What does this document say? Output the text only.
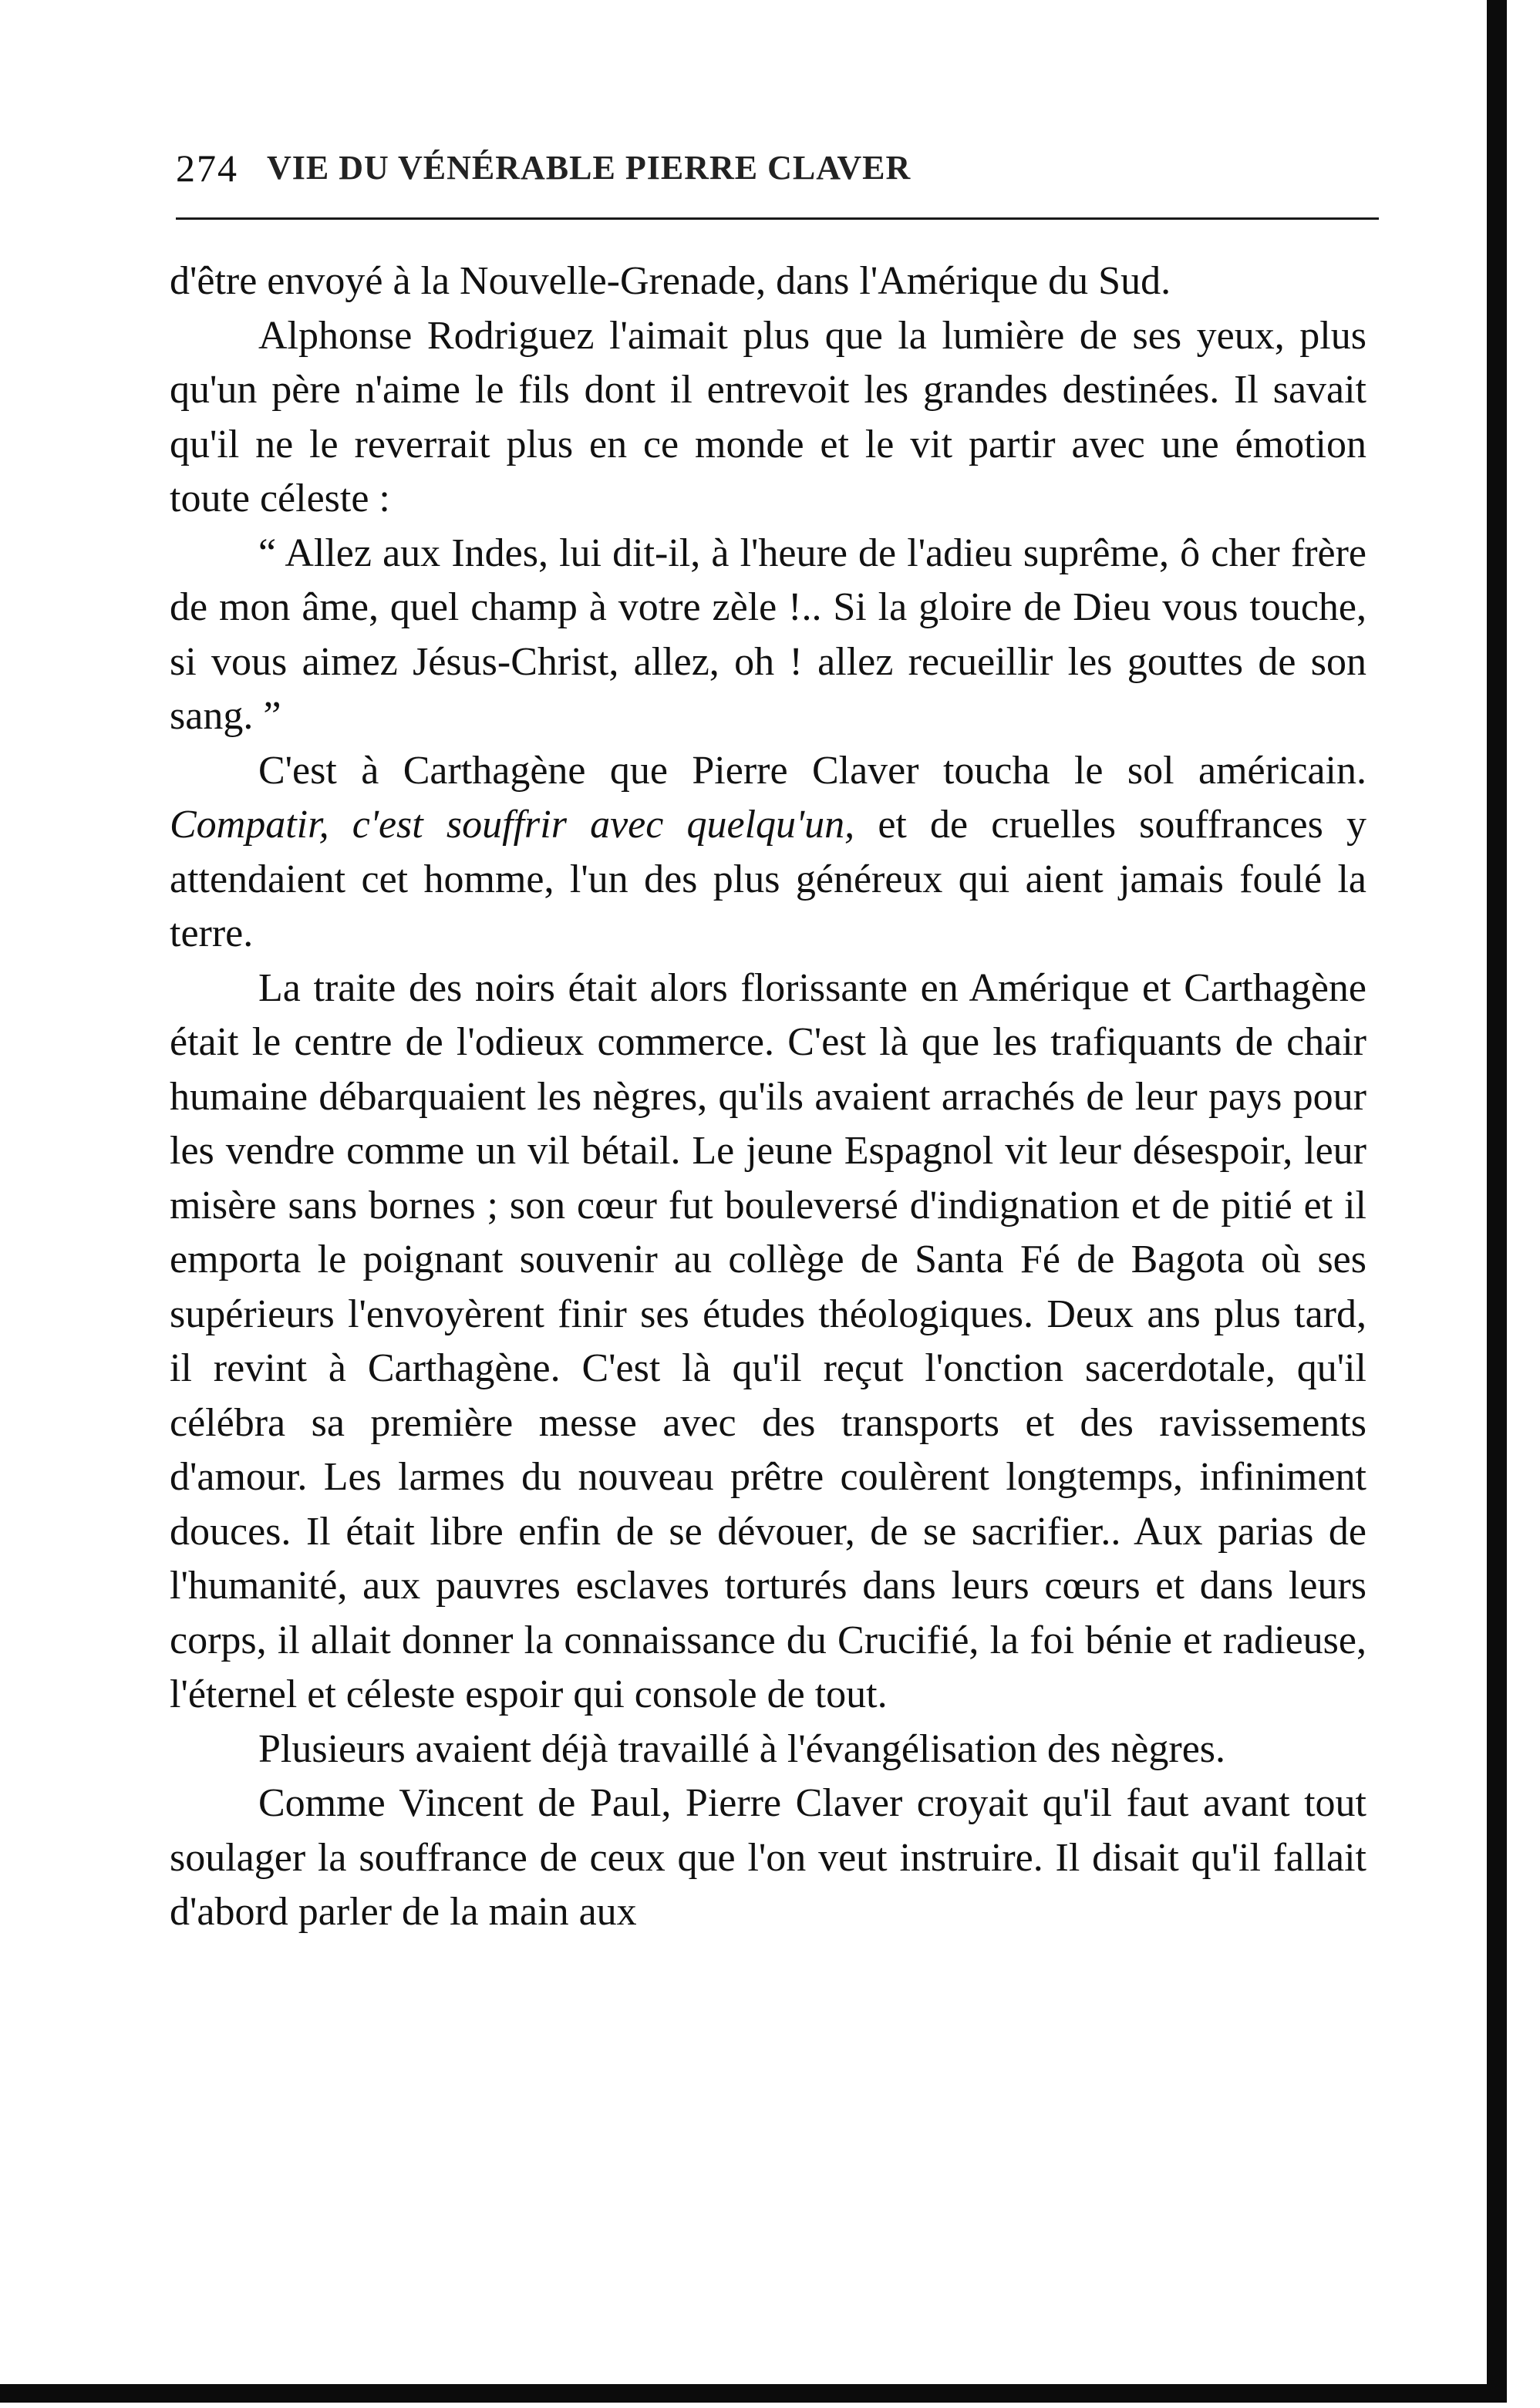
274 VIE DU VÉNÉRABLE PIERRE CLAVER

d'être envoyé à la Nouvelle-Grenade, dans l'Amérique du Sud.

Alphonse Rodriguez l'aimait plus que la lumière de ses yeux, plus qu'un père n'aime le fils dont il entrevoit les grandes destinées. Il savait qu'il ne le reverrait plus en ce monde et le vit partir avec une émotion toute céleste :

“ Allez aux Indes, lui dit-il, à l'heure de l'adieu suprême, ô cher frère de mon âme, quel champ à votre zèle !.. Si la gloire de Dieu vous touche, si vous aimez Jésus-Christ, allez, oh ! allez recueillir les gouttes de son sang. ”

C'est à Carthagène que Pierre Claver toucha le sol américain. Compatir, c'est souffrir avec quelqu'un, et de cruelles souffrances y attendaient cet homme, l'un des plus généreux qui aient jamais foulé la terre.

La traite des noirs était alors florissante en Amérique et Carthagène était le centre de l'odieux commerce. C'est là que les trafiquants de chair humaine débarquaient les nègres, qu'ils avaient arrachés de leur pays pour les vendre comme un vil bétail. Le jeune Espagnol vit leur désespoir, leur misère sans bornes ; son cœur fut bouleversé d'indignation et de pitié et il emporta le poignant souvenir au collège de Santa Fé de Bagota où ses supérieurs l'envoyèrent finir ses études théologiques. Deux ans plus tard, il revint à Carthagène. C'est là qu'il reçut l'onction sacerdotale, qu'il célébra sa première messe avec des transports et des ravissements d'amour. Les larmes du nouveau prêtre coulèrent longtemps, infiniment douces. Il était libre enfin de se dévouer, de se sacrifier.. Aux parias de l'humanité, aux pauvres esclaves torturés dans leurs cœurs et dans leurs corps, il allait donner la connaissance du Crucifié, la foi bénie et radieuse, l'éternel et céleste espoir qui console de tout.

Plusieurs avaient déjà travaillé à l'évangélisation des nègres.

Comme Vincent de Paul, Pierre Claver croyait qu'il faut avant tout soulager la souffrance de ceux que l'on veut instruire. Il disait qu'il fallait d'abord parler de la main aux
